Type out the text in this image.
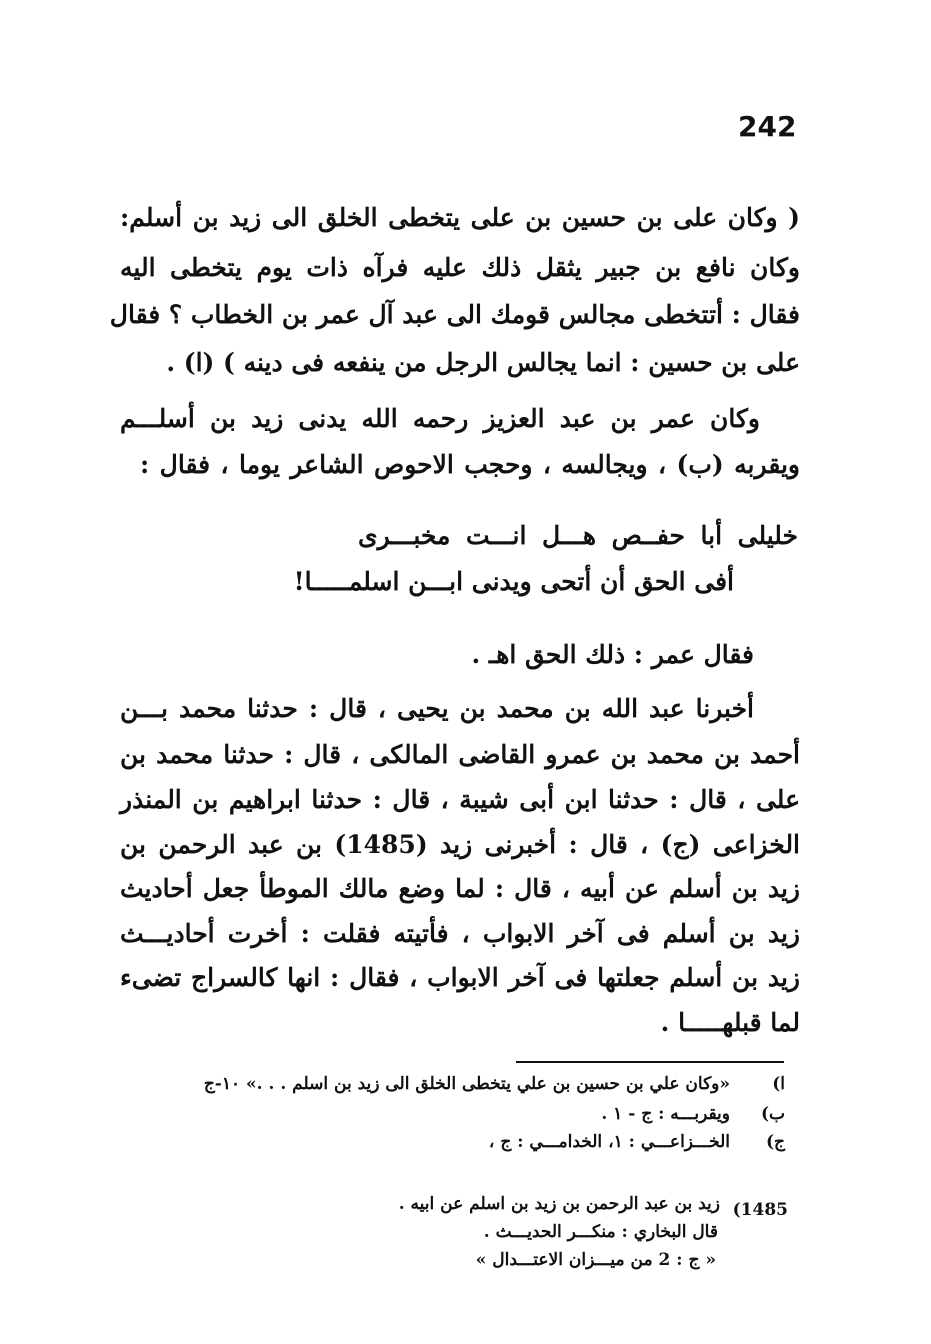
242
( وكان على بن حسين بن على يتخطى الخلق الى زيد بن أسلم:
وكان نافع بن جبير يثقل ذلك عليه فرآه ذات يوم يتخطى اليه
فقال : أتتخطى مجالس قومك الى عبد آل عمر بن الخطاب ؟ فقال
على بن حسين : انما يجالس الرجل من ينفعه فى دينه ) (ا) .
وكان عمر بن عبد العزيز رحمه الله يدنى زيد بن أسلـــم
ويقربه (ب) ، ويجالسه ، وحجب الاحوص الشاعر يوما ، فقال :
خليلى أبا حفــص هـــل انـــت مخبـــرى
أفى الحق أن أتحى ويدنى ابـــن اسلمـــــا!
فقال عمر : ذلك الحق اهـ .
أخبرنا عبد الله بن محمد بن يحيى ، قال : حدثنا محمد بـــن
أحمد بن محمد بن عمرو القاضى المالكى ، قال : حدثنا محمد بن
على ، قال : حدثنا ابن أبى شيبة ، قال : حدثنا ابراهيم بن المنذر
الخزاعى (ج) ، قال : أخبرنى زيد (1485) بن عبد الرحمن بن
زيد بن أسلم عن أبيه ، قال : لما وضع مالك الموطأ جعل أحاديث
زيد بن أسلم فى آخر الابواب ، فأتيته فقلت : أخرت أحاديـــث
زيد بن أسلم جعلتها فى آخر الابواب ، فقال : انها كالسراج تضىء
لما قبلهـــــا .
ا)
«وكان علي بن حسين بن علي يتخطى الخلق الى زيد بن اسلم . . .» ١٠-ج
ب)
ويقربـــه : ج - ١ .
ج)
الخـــزاعـــي : ١، الخدامـــي : ج ،
1485)
زيد بن عبد الرحمن بن زيد بن اسلم عن ابيه .
قال البخاري : منكـــر الحديـــث .
« ج : 2 من ميـــزان الاعتـــدال »
